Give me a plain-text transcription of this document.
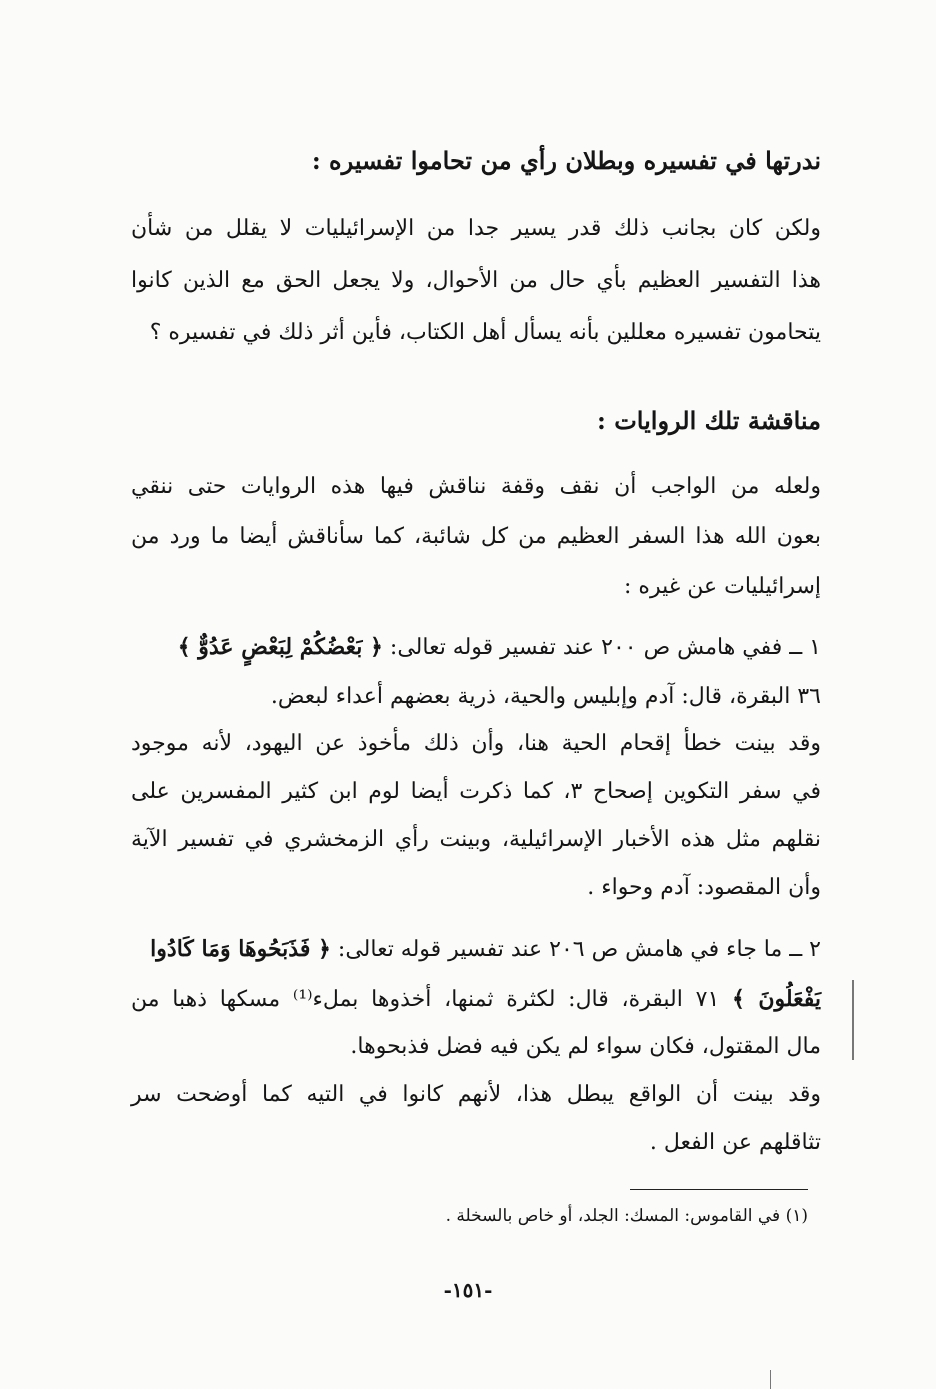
ندرتها في تفسيره وبطلان رأي من تحاموا تفسيره :
ولكن كان بجانب ذلك قدر يسير جدا من الإسرائيليات لا يقلل من شأن
هذا التفسير العظيم بأي حال من الأحوال، ولا يجعل الحق مع الذين كانوا
يتحامون تفسيره معللين بأنه يسأل أهل الكتاب، فأين أثر ذلك في تفسيره ؟
مناقشة تلك الروايات :
ولعله من الواجب أن نقف وقفة نناقش فيها هذه الروايات حتى ننقي
بعون الله هذا السفر العظيم من كل شائبة، كما سأناقش أيضا ما ورد من
إسرائيليات عن غيره :
١ ــ ففي هامش ص ٢٠٠ عند تفسير قوله تعالى: ﴿ بَعْضُكُمْ لِبَعْضٍ عَدُوٌّ ﴾
٣٦ البقرة، قال: آدم وإبليس والحية، ذرية بعضهم أعداء لبعض.
وقد بينت خطأ إقحام الحية هنا، وأن ذلك مأخوذ عن اليهود، لأنه موجود
في سفر التكوين إصحاح ٣، كما ذكرت أيضا لوم ابن كثير المفسرين على
نقلهم مثل هذه الأخبار الإسرائيلية، وبينت رأي الزمخشري في تفسير الآية
وأن المقصود: آدم وحواء .
٢ ــ ما جاء في هامش ص ٢٠٦ عند تفسير قوله تعالى: ﴿ فَذَبَحُوهَا وَمَا كَادُوا
يَفْعَلُونَ ﴾ ٧١ البقرة، قال: لكثرة ثمنها، أخذوها بملء⁽¹⁾ مسكها ذهبا من
مال المقتول، فكان سواء لم يكن فيه فضل فذبحوها.
وقد بينت أن الواقع يبطل هذا، لأنهم كانوا في التيه كما أوضحت سر
تثاقلهم عن الفعل .
(١) في القاموس: المسك: الجلد، أو خاص بالسخلة .
-١٥١-
